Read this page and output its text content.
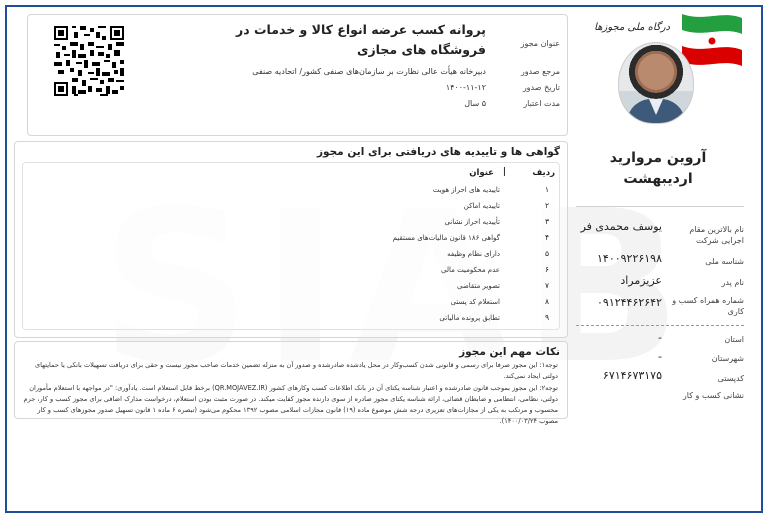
درگاه ملی مجوزها
آروین مروارید
اردیبهشت
نام بالاترین مقام اجرایی شرکت
یوسف محمدی فر
شناسه ملی
۱۴۰۰۹۲۲۶۱۹۸
نام پدر
عزیزمراد
شماره همراه کسب و کاری
۰۹۱۲۴۴۶۲۶۴۲
استان
-
شهرستان
-
کدپستی
۶۷۱۴۶۷۳۱۷۵
نشانی کسب و کار
عنوان مجوز
پروانه کسب عرضه انواع کالا و خدمات در فروشگاه های مجازی
مرجع صدور
دبیرخانه هیأت عالی نظارت بر سازمان‌های صنفی کشور/ اتحادیه صنفی
تاریخ صدور
۱۴۰۰-۱۱-۱۲
مدت اعتبار
۵ سال
گواهی ها و تاییدیه های دریافتی برای این مجوز
ردیف
|
عنوان
۱
تاییدیه های احراز هویت
۲
تاییدیه اماکن
۳
تأییدیه احراز نشانی
۴
گواهی ۱۸۶ قانون مالیات‌های مستقیم
۵
دارای نظام وظیفه
۶
عدم محکومیت مالی
۷
تصویر متقاضی
۸
استعلام کد پستی
۹
تطابق پرونده مالیاتی
نکات مهم این مجوز
توجه۱: این مجوز صرفا برای رسمی و قانونی شدن کسب‌وکار در محل یادشده صادرشده و صدور آن به منزله تضمین خدمات صاحب مجوز نیست و حقی برای دریافت تسهیلات بانکی یا حمایتهای دولتی ایجاد نمی‌کند.
توجه۲: این مجوز بموجب قانون صادرشده و اعتبار شناسه یکتای آن در بانک اطلاعات کسب وکارهای کشور (QR.MOJAVEZ.IR) برخط قابل استعلام است. یادآوری: "در مواجهه با استعلام مأموران دولتی، نظامی، انتظامی و ضابطان قضائی، ارائه شناسه یکتای مجوز صادره از سوی دارنده مجوز کفایت میکند. در صورت مثبت بودن استعلام، درخواست مدارک اضافی برای مجوز کسب و کار، جرم محسوب و مرتکب به یکی از مجازات‌های تعزیری درجه شش موضوع ماده (۱۹) قانون مجازات اسلامی مصوب ۱۳۹۲ محکوم می‌شود (تبصره ۶ ماده ۱ قانون تسهیل صدور مجوزهای کسب و کار مصوب ۱۴۰۰/۰۳/۲۴).
